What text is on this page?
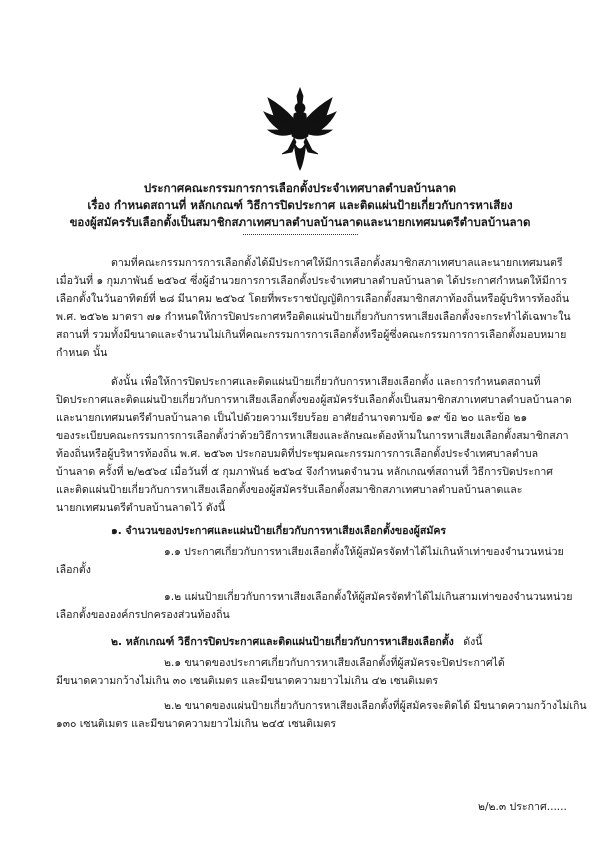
ประกาศคณะกรรมการการเลือกตั้งประจำเทศบาลตำบลบ้านลาด
เรื่อง กำหนดสถานที่ หลักเกณฑ์ วิธีการปิดประกาศ และติดแผ่นป้ายเกี่ยวกับการหาเสียง
ของผู้สมัครรับเลือกตั้งเป็นสมาชิกสภาเทศบาลตำบลบ้านลาดและนายกเทศมนตรีตำบลบ้านลาด
ตามที่คณะกรรมการการเลือกตั้งได้มีประกาศให้มีการเลือกตั้งสมาชิกสภาเทศบาลและนายกเทศมนตรี
เมื่อวันที่ ๑ กุมภาพันธ์ ๒๕๖๔ ซึ่งผู้อำนวยการการเลือกตั้งประจำเทศบาลตำบลบ้านลาด ได้ประกาศกำหนดให้มีการ
เลือกตั้งในวันอาทิตย์ที่ ๒๘ มีนาคม ๒๕๖๔ โดยที่พระราชบัญญัติการเลือกตั้งสมาชิกสภาท้องถิ่นหรือผู้บริหารท้องถิ่น
พ.ศ. ๒๕๖๒ มาตรา ๗๑ กำหนดให้การปิดประกาศหรือติดแผ่นป้ายเกี่ยวกับการหาเสียงเลือกตั้งจะกระทำได้เฉพาะใน
สถานที่ รวมทั้งมีขนาดและจำนวนไม่เกินที่คณะกรรมการการเลือกตั้งหรือผู้ซึ่งคณะกรรมการการเลือกตั้งมอบหมาย
กำหนด นั้น
ดังนั้น เพื่อให้การปิดประกาศและติดแผ่นป้ายเกี่ยวกับการหาเสียงเลือกตั้ง และการกำหนดสถานที่
ปิดประกาศและติดแผ่นป้ายเกี่ยวกับการหาเสียงเลือกตั้งของผู้สมัครรับเลือกตั้งเป็นสมาชิกสภาเทศบาลตำบลบ้านลาด
และนายกเทศมนตรีตำบลบ้านลาด เป็นไปด้วยความเรียบร้อย อาศัยอำนาจตามข้อ ๑๙ ข้อ ๒๐ และข้อ ๒๑
ของระเบียบคณะกรรมการการเลือกตั้งว่าด้วยวิธีการหาเสียงและลักษณะต้องห้ามในการหาเสียงเลือกตั้งสมาชิกสภา
ท้องถิ่นหรือผู้บริหารท้องถิ่น พ.ศ. ๒๕๖๓ ประกอบมติที่ประชุมคณะกรรมการการเลือกตั้งประจำเทศบาลตำบล
บ้านลาด ครั้งที่ ๒/๒๕๖๔ เมื่อวันที่ ๕ กุมภาพันธ์ ๒๕๖๔ จึงกำหนดจำนวน หลักเกณฑ์สถานที่ วิธีการปิดประกาศ
และติดแผ่นป้ายเกี่ยวกับการหาเสียงเลือกตั้งของผู้สมัครรับเลือกตั้งสมาชิกสภาเทศบาลตำบลบ้านลาดและ
นายกเทศมนตรีตำบลบ้านลาดไว้ ดังนี้
๑. จำนวนของประกาศและแผ่นป้ายเกี่ยวกับการหาเสียงเลือกตั้งของผู้สมัคร
๑.๑ ประกาศเกี่ยวกับการหาเสียงเลือกตั้งให้ผู้สมัครจัดทำได้ไม่เกินห้าเท่าของจำนวนหน่วย
เลือกตั้ง
๑.๒ แผ่นป้ายเกี่ยวกับการหาเสียงเลือกตั้งให้ผู้สมัครจัดทำได้ไม่เกินสามเท่าของจำนวนหน่วย
เลือกตั้งขององค์กรปกครองส่วนท้องถิ่น
๒. หลักเกณฑ์ วิธีการปิดประกาศและติดแผ่นป้ายเกี่ยวกับการหาเสียงเลือกตั้ง ดังนี้
๒.๑ ขนาดของประกาศเกี่ยวกับการหาเสียงเลือกตั้งที่ผู้สมัครจะปิดประกาศได้
มีขนาดความกว้างไม่เกิน ๓๐ เซนติเมตร และมีขนาดความยาวไม่เกิน ๔๒ เซนติเมตร
๒.๒ ขนาดของแผ่นป้ายเกี่ยวกับการหาเสียงเลือกตั้งที่ผู้สมัครจะติดได้ มีขนาดความกว้างไม่เกิน
๑๓๐ เซนติเมตร และมีขนาดความยาวไม่เกิน ๒๔๕ เซนติเมตร
๒/๒.๓ ประกาศ......
